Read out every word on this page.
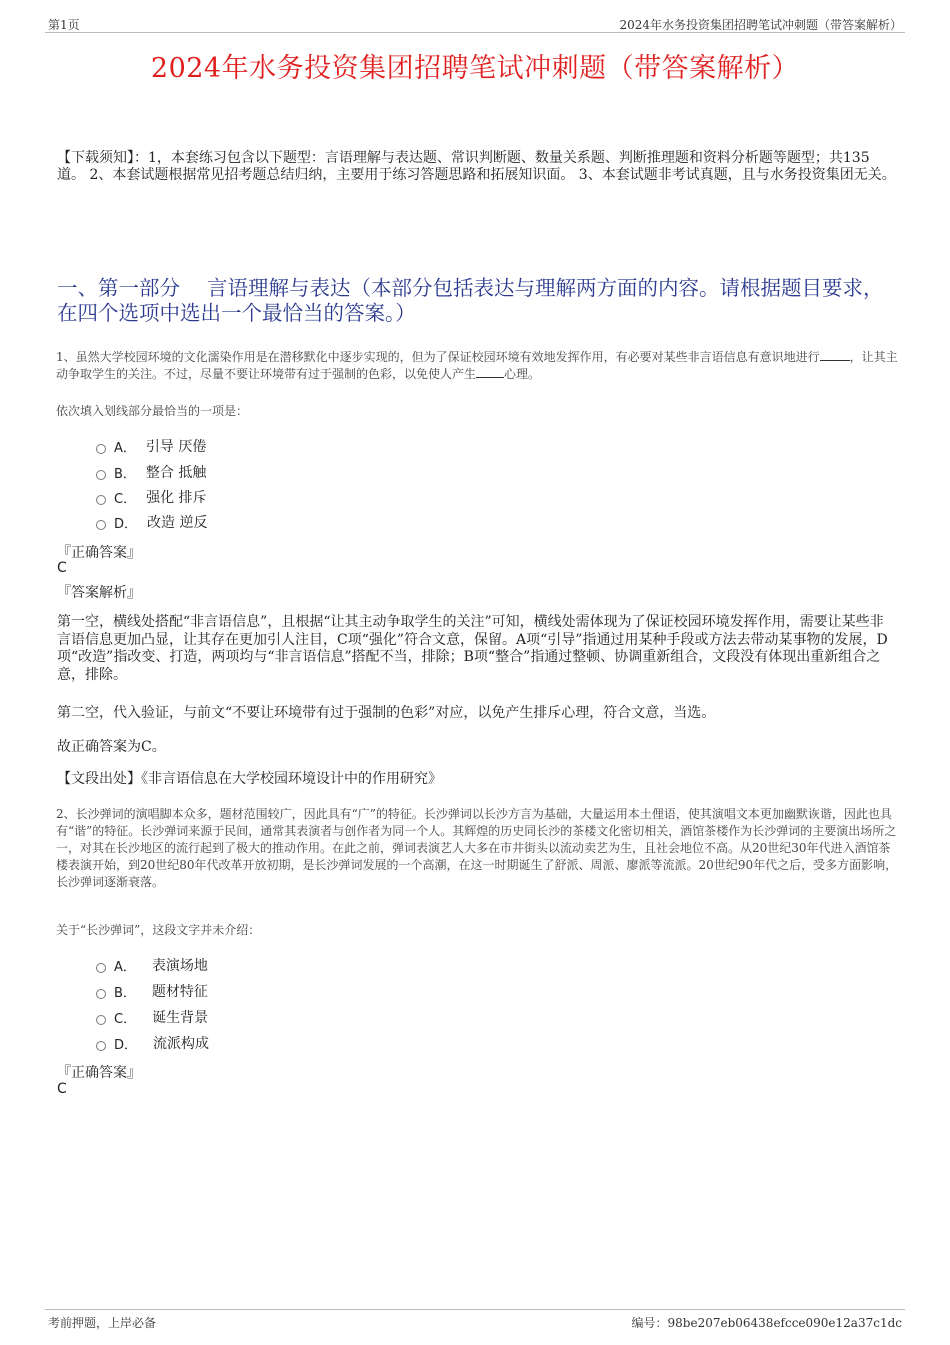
第1页	2024年水务投资集团招聘笔试冲刺题（带答案解析）
2024年水务投资集团招聘笔试冲刺题（带答案解析）
【下载须知】：1，本套练习包含以下题型：言语理解与表达题、常识判断题、数量关系题、判断推理题和资料分析题等题型；共135道。 2、本套试题根据常见招考题总结归纳，主要用于练习答题思路和拓展知识面。 3、本套试题非考试真题，且与水务投资集团无关。
一、第一部分　 言语理解与表达（本部分包括表达与理解两方面的内容。请根据题目要求，在四个选项中选出一个最恰当的答案。）
1、虽然大学校园环境的文化濡染作用是在潜移默化中逐步实现的，但为了保证校园环境有效地发挥作用，有必要对某些非言语信息有意识地进行	，让其主动争取学生的关注。不过，尽量不要让环境带有过于强制的色彩，以免使人产生 心理。
依次填入划线部分最恰当的一项是：
A． 引导 厌倦
B． 整合 抵触
C． 强化 排斥
D． 改造 逆反
『正确答案』
C
『答案解析』
第一空，横线处搭配“非言语信息”，且根据“让其主动争取学生的关注”可知，横线处需体现为了保证校园环境发挥作用，需要让某些非言语信息更加凸显，让其存在更加引人注目，C项“强化”符合文意，保留。A项“引导”指通过用某种手段或方法去带动某事物的发展，D项“改造”指改变、打造，两项均与“非言语信息”搭配不当，排除；B项“整合”指通过整顿、协调重新组合，文段没有体现出重新组合之意，排除。
第二空，代入验证，与前文“不要让环境带有过于强制的色彩”对应，以免产生排斥心理，符合文意，当选。
故正确答案为C。
【文段出处】《非言语信息在大学校园环境设计中的作用研究》
2、长沙弹词的演唱脚本众多，题材范围较广，因此具有“广”的特征。长沙弹词以长沙方言为基础，大量运用本土俚语，使其演唱文本更加幽默诙谐，因此也具有“谐”的特征。长沙弹词来源于民间，通常其表演者与创作者为同一个人。其辉煌的历史同长沙的茶楼文化密切相关，酒馆茶楼作为长沙弹词的主要演出场所之一，对其在长沙地区的流行起到了极大的推动作用。在此之前，弹词表演艺人大多在市井街头以流动卖艺为生，且社会地位不高。从20世纪30年代进入酒馆茶楼表演开始，到20世纪80年代改革开放初期，是长沙弹词发展的一个高潮，在这一时期诞生了舒派、周派、廖派等流派。20世纪90年代之后，受多方面影响，长沙弹词逐渐衰落。
关于“长沙弹词”，这段文字并未介绍：
A． 表演场地
B． 题材特征
C． 诞生背景
D． 流派构成
『正确答案』
C
考前押题，上岸必备	编号：98be207eb06438efcce090e12a37c1dc
